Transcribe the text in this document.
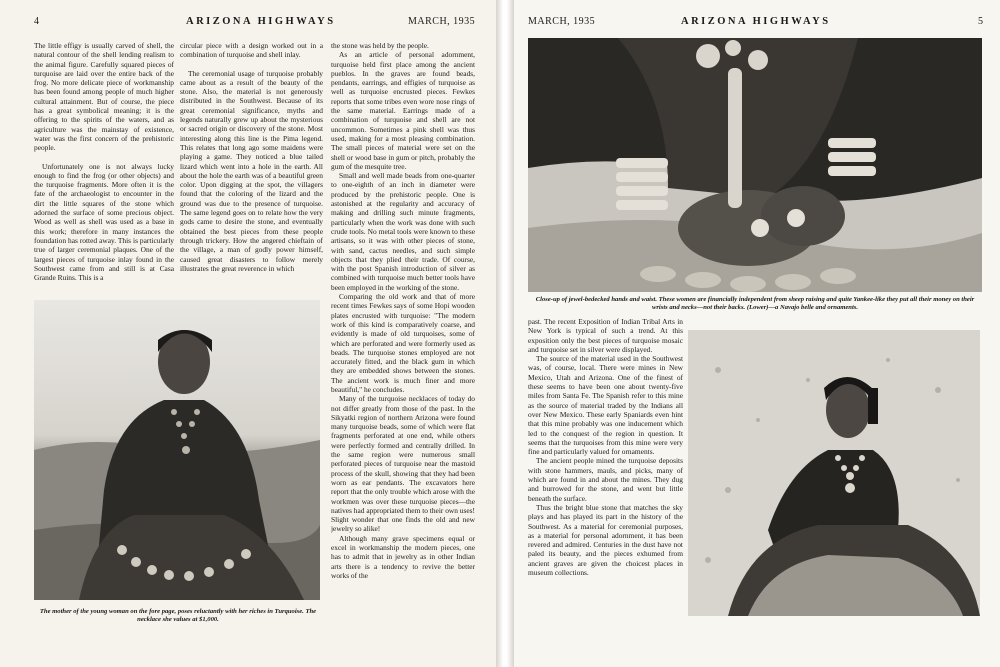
4	ARIZONA HIGHWAYS	MARCH, 1935

The little effigy is usually carved of shell, the natural contour of the shell lending realism to the animal figure. Carefully squared pieces of turquoise are laid over the entire back of the frog. No more delicate piece of workmanship has been found among people of much higher cultural attainment. But of course, the piece has a great symbolical meaning; it is the offering to the spirits of the waters, and as agriculture was the mainstay of existence, water was the first concern of the prehistoric people.

Unfortunately one is not always lucky enough to find the frog (or other objects) and the turquoise fragments. More often it is the fate of the archaeologist to encounter in the dirt the little squares of the stone which adorned the surface of some precious object. Wood as well as shell was used as a base in this work; therefore in many instances the foundation has rotted away. This is particularly true of larger ceremonial plaques. One of the largest pieces of turquoise inlay found in the Southwest came from and still is at Casa Grande Ruins. This is a

circular piece with a design worked out in a combination of turquoise and shell inlay.

The ceremonial usage of turquoise probably came about as a result of the beauty of the stone. Also, the material is not generously distributed in the Southwest. Because of its great ceremonial significance, myths and legends naturally grew up about the mysterious or sacred origin or discovery of the stone. Most interesting along this line is the Pima legend. This relates that long ago some maidens were playing a game. They noticed a blue tailed lizard which went into a hole in the earth. All about the hole the earth was of a beautiful green color. Upon digging at the spot, the villagers found that the coloring of the lizard and the ground was due to the presence of turquoise. The same legend goes on to relate how the very gods came to desire the stone, and eventually obtained the best pieces from these people through trickery. How the angered chieftain of the village, a man of godly power himself, caused great disasters to follow merely illustrates the great reverence in which

the stone was held by the people.

As an article of personal adornment, turquoise held first place among the ancient pueblos. In the graves are found beads, pendants, earrings, and effigies of turquoise as well as turquoise encrusted pieces. Fewkes reports that some tribes even wore nose rings of the same material. Earrings made of a combination of turquoise and shell are not uncommon. Sometimes a pink shell was thus used, making for a most pleasing combination. The small pieces of material were set on the shell or wood base in gum or pitch, probably the gum of the mesquite tree.

Small and well made beads from one-quarter to one-eighth of an inch in diameter were produced by the prehistoric people. One is astonished at the regularity and accuracy of making and drilling such minute fragments, particularly when the work was done with such crude tools. No metal tools were known to these artisans, so it was with other pieces of stone, with sand, cactus needles, and such simple objects that they plied their trade. Of course, with the post Spanish introduction of silver as combined with turquoise much better tools have been employed in the working of the stone.

Comparing the old work and that of more recent times Fewkes says of some Hopi wooden plates encrusted with turquoise: "The modern work of this kind is comparatively coarse, and evidently is made of old turquoises, some of which are perforated and were formerly used as beads. The turquoise stones employed are not accurately fitted, and the black gum in which they are embedded shows between the stones. The ancient work is much finer and more beautiful," he concludes.

Many of the turquoise necklaces of today do not differ greatly from those of the past. In the Sikyatki region of northern Arizona were found many turquoise beads, some of which were flat fragments perforated at one end, while others were perfectly formed and centrally drilled. In the same region were numerous small perforated pieces of turquoise near the mastoid process of the skull, showing that they had been worn as ear pendants. The excavators here report that the only trouble which arose with the workmen was over these turquoise pieces—the natives had appropriated them to their own uses! Slight wonder that one finds the old and new jewelry so alike!

Although many grave specimens equal or excel in workmanship the modern pieces, one has to admit that in jewelry as in other Indian arts there is a tendency to revive the better works of the

The mother of the young woman on the fore page, poses reluctantly with her riches in Turquoise. The necklace she values at $1,000.
MARCH, 1935	ARIZONA HIGHWAYS	5
Close-up of jewel-bedecked hands and waist. These women are financially independent from sheep raising and quite Yankee-like they put all their money on their wrists and necks—not their backs. (Lower)—a Navajo belle and ornaments.

past. The recent Exposition of Indian Tribal Arts in New York is typical of such a trend. At this exposition only the best pieces of turquoise mosaic and turquoise set in silver were displayed.

The source of the material used in the Southwest was, of course, local. There were mines in New Mexico, Utah and Arizona. One of the finest of these seems to have been one about twenty-five miles from Santa Fe. The Spanish refer to this mine as the source of material traded by the Indians all over New Mexico. These early Spaniards even hint that this mine probably was one inducement which led to the conquest of the region in question. It seems that the turquoises from this mine were very fine and particularly valued for ornaments.

The ancient people mined the turquoise deposits with stone hammers, mauls, and picks, many of which are found in and about the mines. They dug and burrowed for the stone, and went but little beneath the surface.

Thus the bright blue stone that matches the sky plays and has played its part in the history of the Southwest. As a material for ceremonial purposes, as a material for personal adornment, it has been revered and admired. Centuries in the dust have not paled its beauty, and the pieces exhumed from ancient graves are given the choicest places in museum collections.
